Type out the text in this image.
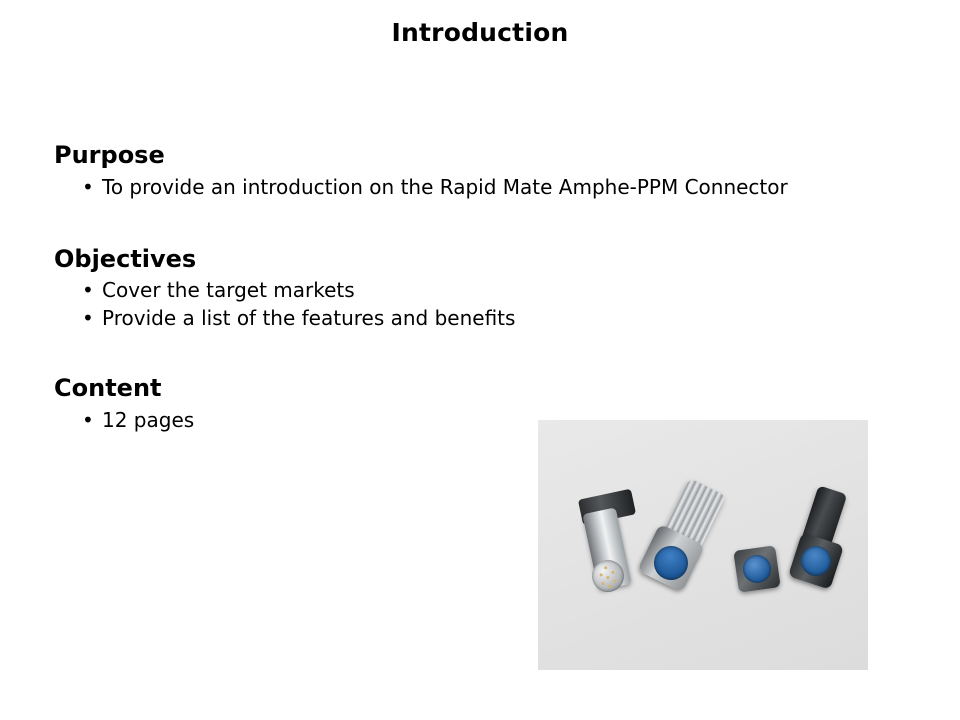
Introduction
Purpose
• To provide an introduction on the Rapid Mate Amphe-PPM Connector
Objectives
• Cover the target markets
• Provide a list of the features and benefits
Content
• 12 pages
